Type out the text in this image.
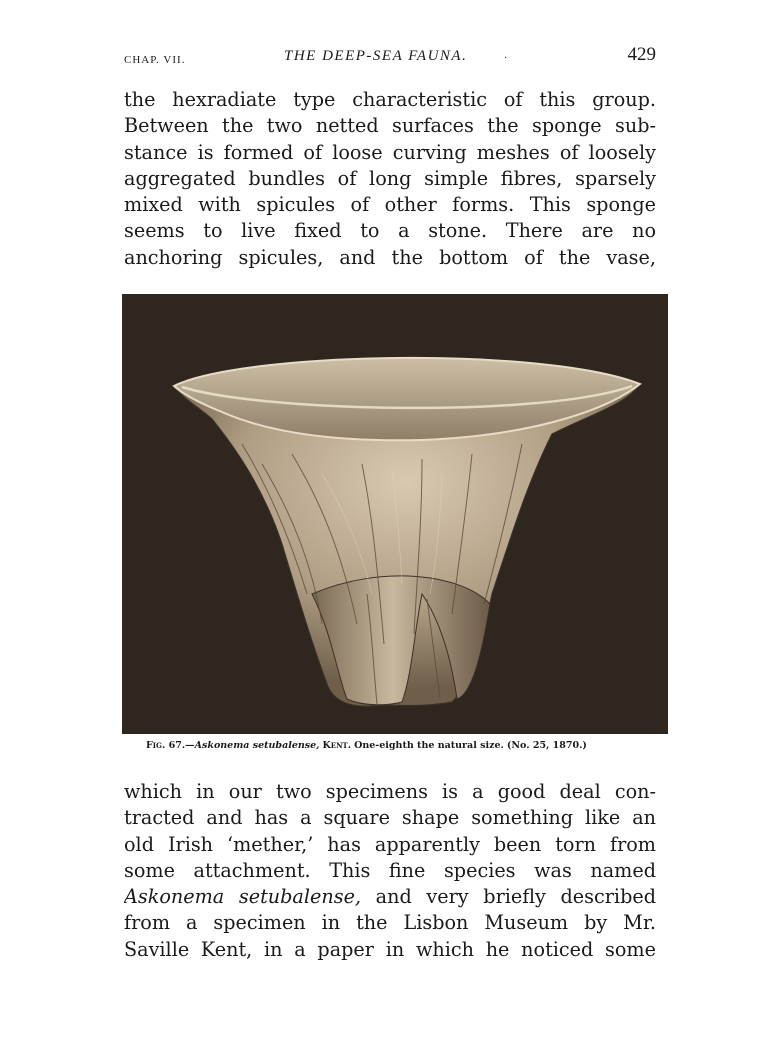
CHAP. VII.	THE DEEP-SEA FAUNA.	.	429
the hexradiate type characteristic of this group.
Between the two netted surfaces the sponge sub-
stance is formed of loose curving meshes of loosely
aggregated bundles of long simple fibres, sparsely
mixed with spicules of other forms. This sponge
seems to live fixed to a stone. There are no
anchoring spicules, and the bottom of the vase,
Fig. 67.—Askonema setubalense, Kent. One-eighth the natural size. (No. 25, 1870.)
which in our two specimens is a good deal con-
tracted and has a square shape something like an
old Irish ‘mether,’ has apparently been torn from
some attachment. This fine species was named
Askonema setubalense, and very briefly described
from a specimen in the Lisbon Museum by Mr.
Saville Kent, in a paper in which he noticed some
